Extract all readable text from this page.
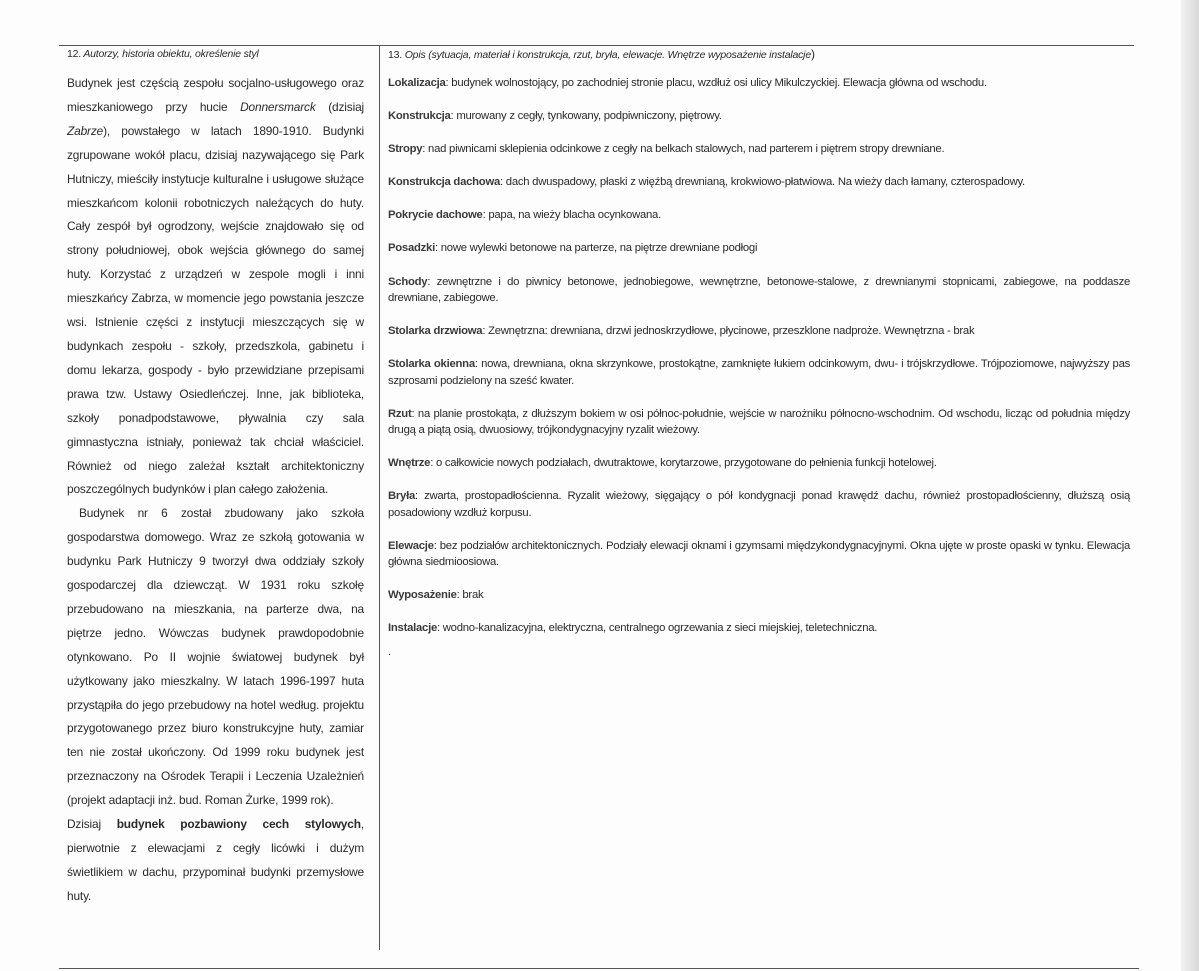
12. Autorzy, historia obiektu, określenie styl

Budynek jest częścią zespołu socjalno-usługowego oraz mieszkaniowego przy hucie Donnersmarck (dzisiaj Zabrze), powstałego w latach 1890-1910. Budynki zgrupowane wokół placu, dzisiaj nazywającego się Park Hutniczy, mieściły instytucje kulturalne i usługowe służące mieszkańcom kolonii robotniczych należących do huty. Cały zespół był ogrodzony, wejście znajdowało się od strony południowej, obok wejścia głównego do samej huty. Korzystać z urządzeń w zespole mogli i inni mieszkańcy Zabrza, w momencie jego powstania jeszcze wsi. Istnienie części z instytucji mieszczących się w budynkach zespołu - szkoły, przedszkola, gabinetu i domu lekarza, gospody - było przewidziane przepisami prawa tzw. Ustawy Osiedleńczej. Inne, jak biblioteka, szkoły ponadpodstawowe, pływalnia czy sala gimnastyczna istniały, ponieważ tak chciał właściciel. Również od niego zależał kształt architektoniczny poszczególnych budynków i plan całego założenia.

Budynek nr 6 został zbudowany jako szkoła gospodarstwa domowego. Wraz ze szkołą gotowania w budynku Park Hutniczy 9 tworzył dwa oddziały szkoły gospodarczej dla dziewcząt. W 1931 roku szkołę przebudowano na mieszkania, na parterze dwa, na piętrze jedno. Wówczas budynek prawdopodobnie otynkowano. Po II wojnie światowej budynek był użytkowany jako mieszkalny. W latach 1996-1997 huta przystąpiła do jego przebudowy na hotel według. projektu przygotowanego przez biuro konstrukcyjne huty, zamiar ten nie został ukończony. Od 1999 roku budynek jest przeznaczony na Ośrodek Terapii i Leczenia Uzależnień (projekt adaptacji inż. bud. Roman Żurke, 1999 rok).

Dzisiaj budynek pozbawiony cech stylowych, pierwotnie z elewacjami z cegły licówki i dużym świetlikiem w dachu, przypominał budynki przemysłowe huty.

13. Opis (sytuacja, materiał i konstrukcja, rzut, bryła, elewacje. Wnętrze wyposażenie instalacje)

Lokalizacja: budynek wolnostojący, po zachodniej stronie placu, wzdłuż osi ulicy Mikulczyckiej. Elewacja główna od wschodu.

Konstrukcja: murowany z cegły, tynkowany, podpiwniczony, piętrowy.

Stropy: nad piwnicami sklepienia odcinkowe z cegły na belkach stalowych, nad parterem i piętrem stropy drewniane.

Konstrukcja dachowa: dach dwuspadowy, płaski z więźbą drewnianą, krokwiowo-płatwiowa. Na wieży dach łamany, czterospadowy.

Pokrycie dachowe: papa, na wieży blacha ocynkowana.

Posadzki: nowe wylewki betonowe na parterze, na piętrze drewniane podłogi

Schody: zewnętrzne i do piwnicy betonowe, jednobiegowe, wewnętrzne, betonowe-stalowe, z drewnianymi stopnicami, zabiegowe, na poddasze drewniane, zabiegowe.

Stolarka drzwiowa: Zewnętrzna: drewniana, drzwi jednoskrzydłowe, płycinowe, przeszklone nadproże. Wewnętrzna - brak

Stolarka okienna: nowa, drewniana, okna skrzynkowe, prostokątne, zamknięte łukiem odcinkowym, dwu- i trójskrzydłowe. Trójpoziomowe, najwyższy pas szprosami podzielony na sześć kwater.

Rzut: na planie prostokąta, z dłuższym bokiem w osi północ-południe, wejście w narożniku północno-wschodnim. Od wschodu, licząc od południa między drugą a piątą osią, dwuosiowy, trójkondygnacyjny ryzalit wieżowy.

Wnętrze: o całkowicie nowych podziałach, dwutraktowe, korytarzowe, przygotowane do pełnienia funkcji hotelowej.

Bryła: zwarta, prostopadłościenna. Ryzalit wieżowy, sięgający o pół kondygnacji ponad krawędź dachu, również prostopadłościenny, dłuższą osią posadowiony wzdłuż korpusu.

Elewacje: bez podziałów architektonicznych. Podziały elewacji oknami i gzymsami międzykondygnacyjnymi. Okna ujęte w proste opaski w tynku. Elewacja główna siedmioosiowa.

Wyposażenie: brak

Instalacje: wodno-kanalizacyjna, elektryczna, centralnego ogrzewania z sieci miejskiej, teletechniczna.

.
